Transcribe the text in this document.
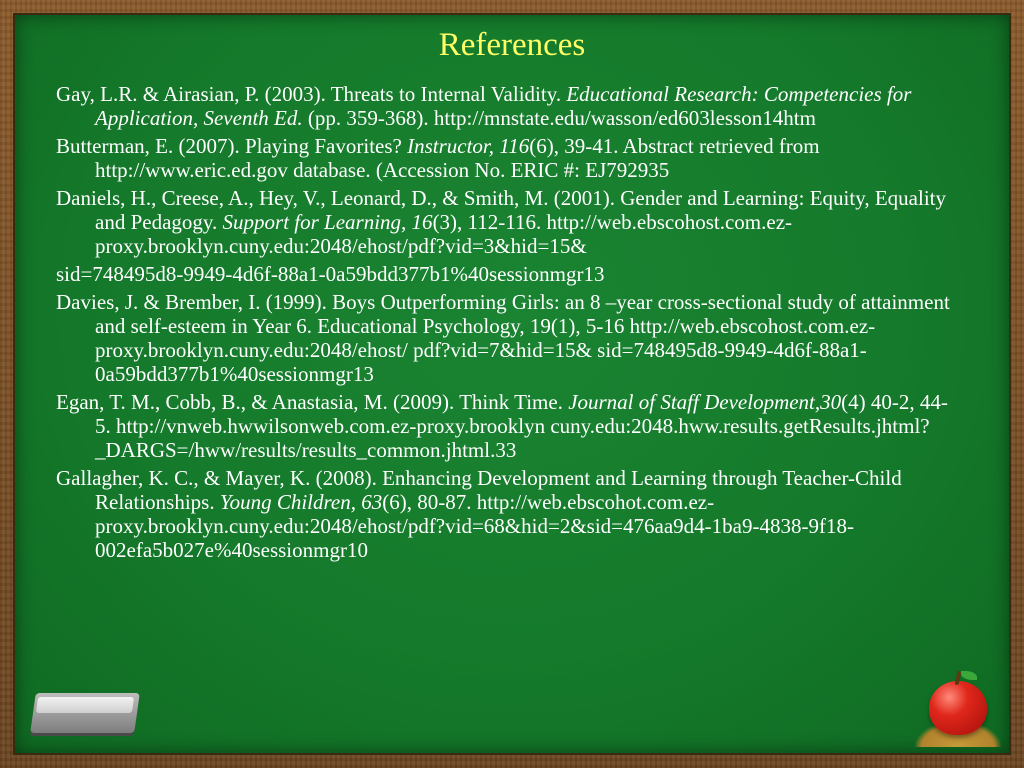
References
Gay, L.R. & Airasian, P. (2003). Threats to Internal Validity. Educational Research: Competencies for Application, Seventh Ed. (pp. 359-368). http://mnstate.edu/wasson/ed603lesson14htm
Butterman, E. (2007). Playing Favorites? Instructor, 116(6), 39-41. Abstract retrieved from http://www.eric.ed.gov database. (Accession No. ERIC #: EJ792935
Daniels, H., Creese, A., Hey, V., Leonard, D., & Smith, M. (2001). Gender and Learning: Equity, Equality and Pedagogy. Support for Learning, 16(3), 112-116. http://web.ebscohost.com.ez-proxy.brooklyn.cuny.edu:2048/ehost/pdf?vid=3&hid=15&
sid=748495d8-9949-4d6f-88a1-0a59bdd377b1%40sessionmgr13
Davies, J. & Brember, I. (1999). Boys Outperforming Girls: an 8 –year cross-sectional study of attainment and self-esteem in Year 6. Educational Psychology, 19(1), 5-16 http://web.ebscohost.com.ez-proxy.brooklyn.cuny.edu:2048/ehost/ pdf?vid=7&hid=15& sid=748495d8-9949-4d6f-88a1-0a59bdd377b1%40sessionmgr13
Egan, T. M., Cobb, B., & Anastasia, M. (2009). Think Time. Journal of Staff Development,30(4) 40-2, 44-5. http://vnweb.hwwilsonweb.com.ez-proxy.brooklyn cuny.edu:2048.hww.results.getResults.jhtml?_DARGS=/hww/results/results_common.jhtml.33
Gallagher, K. C., & Mayer, K. (2008). Enhancing Development and Learning through Teacher-Child Relationships. Young Children, 63(6), 80-87. http://web.ebscohot.com.ez-proxy.brooklyn.cuny.edu:2048/ehost/pdf?vid=68&hid=2&sid=476aa9d4-1ba9-4838-9f18-002efa5b027e%40sessionmgr10
